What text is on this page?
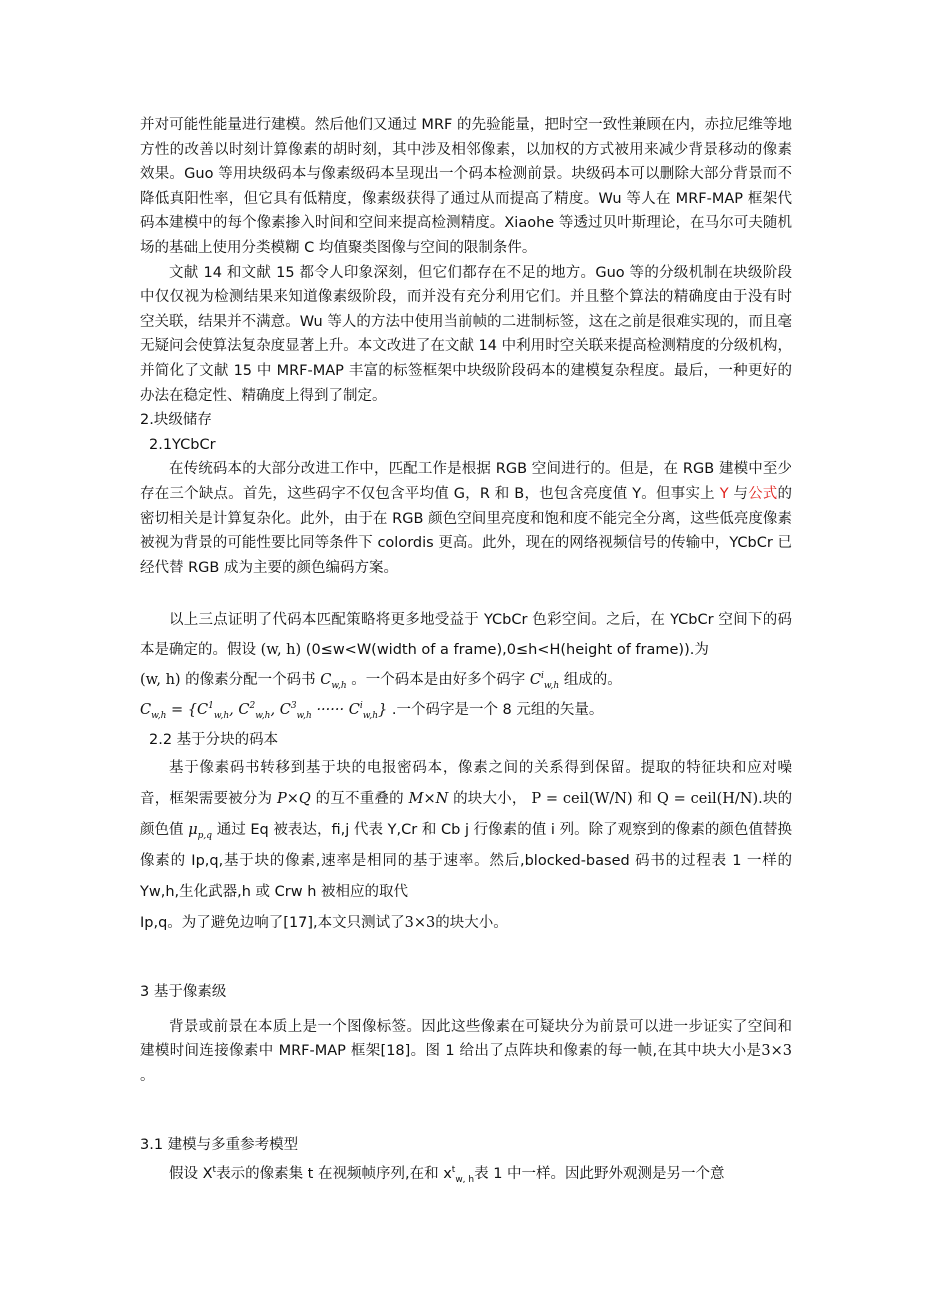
并对可能性能量进行建模。然后他们又通过 MRF 的先验能量，把时空一致性兼顾在内，赤拉尼维等地方性的改善以时刻计算像素的胡时刻，其中涉及相邻像素，以加权的方式被用来减少背景移动的像素效果。Guo 等用块级码本与像素级码本呈现出一个码本检测前景。块级码本可以删除大部分背景而不降低真阳性率，但它具有低精度，像素级获得了通过从而提高了精度。Wu 等人在 MRF-MAP 框架代码本建模中的每个像素掺入时间和空间来提高检测精度。Xiaohe 等透过贝叶斯理论，在马尔可夫随机场的基础上使用分类模糊 C 均值聚类图像与空间的限制条件。

文献 14 和文献 15 都令人印象深刻，但它们都存在不足的地方。Guo 等的分级机制在块级阶段中仅仅视为检测结果来知道像素级阶段，而并没有充分利用它们。并且整个算法的精确度由于没有时空关联，结果并不满意。Wu 等人的方法中使用当前帧的二进制标签，这在之前是很难实现的，而且毫无疑问会使算法复杂度显著上升。本文改进了在文献 14 中利用时空关联来提高检测精度的分级机构，并简化了文献 15 中 MRF-MAP 丰富的标签框架中块级阶段码本的建模复杂程度。最后，一种更好的办法在稳定性、精确度上得到了制定。

2.块级储存
2.1YCbCr

在传统码本的大部分改进工作中，匹配工作是根据 RGB 空间进行的。但是，在 RGB 建模中至少存在三个缺点。首先，这些码字不仅包含平均值 G，R 和 B，也包含亮度值 Y。但事实上 Y 与公式的密切相关是计算复杂化。此外，由于在 RGB 颜色空间里亮度和饱和度不能完全分离，这些低亮度像素被视为背景的可能性要比同等条件下 colordis 更高。此外，现在的网络视频信号的传输中，YCbCr 已经代替 RGB 成为主要的颜色编码方案。

以上三点证明了代码本匹配策略将更多地受益于 YCbCr 色彩空间。之后，在 YCbCr 空间下的码本是确定的。假设 (w, h) (0≤w<W(width of a frame),0≤h<H(height of frame)).为
(w, h) 的像素分配一个码书 $C_{w,h}$ 。一个码本是由好多个码字 $C^i_{w,h}$ 组成的。
$C_{w,h} = \{C^1_{w,h}$, $C^2_{w,h}$, $C^3_{w,h}$ ······ $C^i_{w,h}$} .一个码字是一个 8 元组的矢量。

2.2 基于分块的码本

基于像素码书转移到基于块的电报密码本，像素之间的关系得到保留。提取的特征块和应对噪音，框架需要被分为 P×Q 的互不重叠的 M×N 的块大小， P = ceil(W/N) 和 Q = ceil(H/N).块的颜色值 $\mu_{p,q}$ 通过 Eq 被表达，fi,j 代表 Y,Cr 和 Cb j 行像素的值 i 列。除了观察到的像素的颜色值替换像素的 Ip,q,基于块的像素,速率是相同的基于速率。然后,blocked-based 码书的过程表 1 一样的 Yw,h,生化武器,h 或 Crw h 被相应的取代

Ip,q。为了避免边响了[17],本文只测试了3×3的块大小。

3 基于像素级

背景或前景在本质上是一个图像标签。因此这些像素在可疑块分为前景可以进一步证实了空间和建模时间连接像素中 MRF-MAP 框架[18]。图 1 给出了点阵块和像素的每一帧,在其中块大小是3×3 。

3.1 建模与多重参考模型

假设 $X^t$表示的像素集 t 在视频帧序列,在和 $x^t_{w, h}$表 1 中一样。因此野外观测是另一个意
